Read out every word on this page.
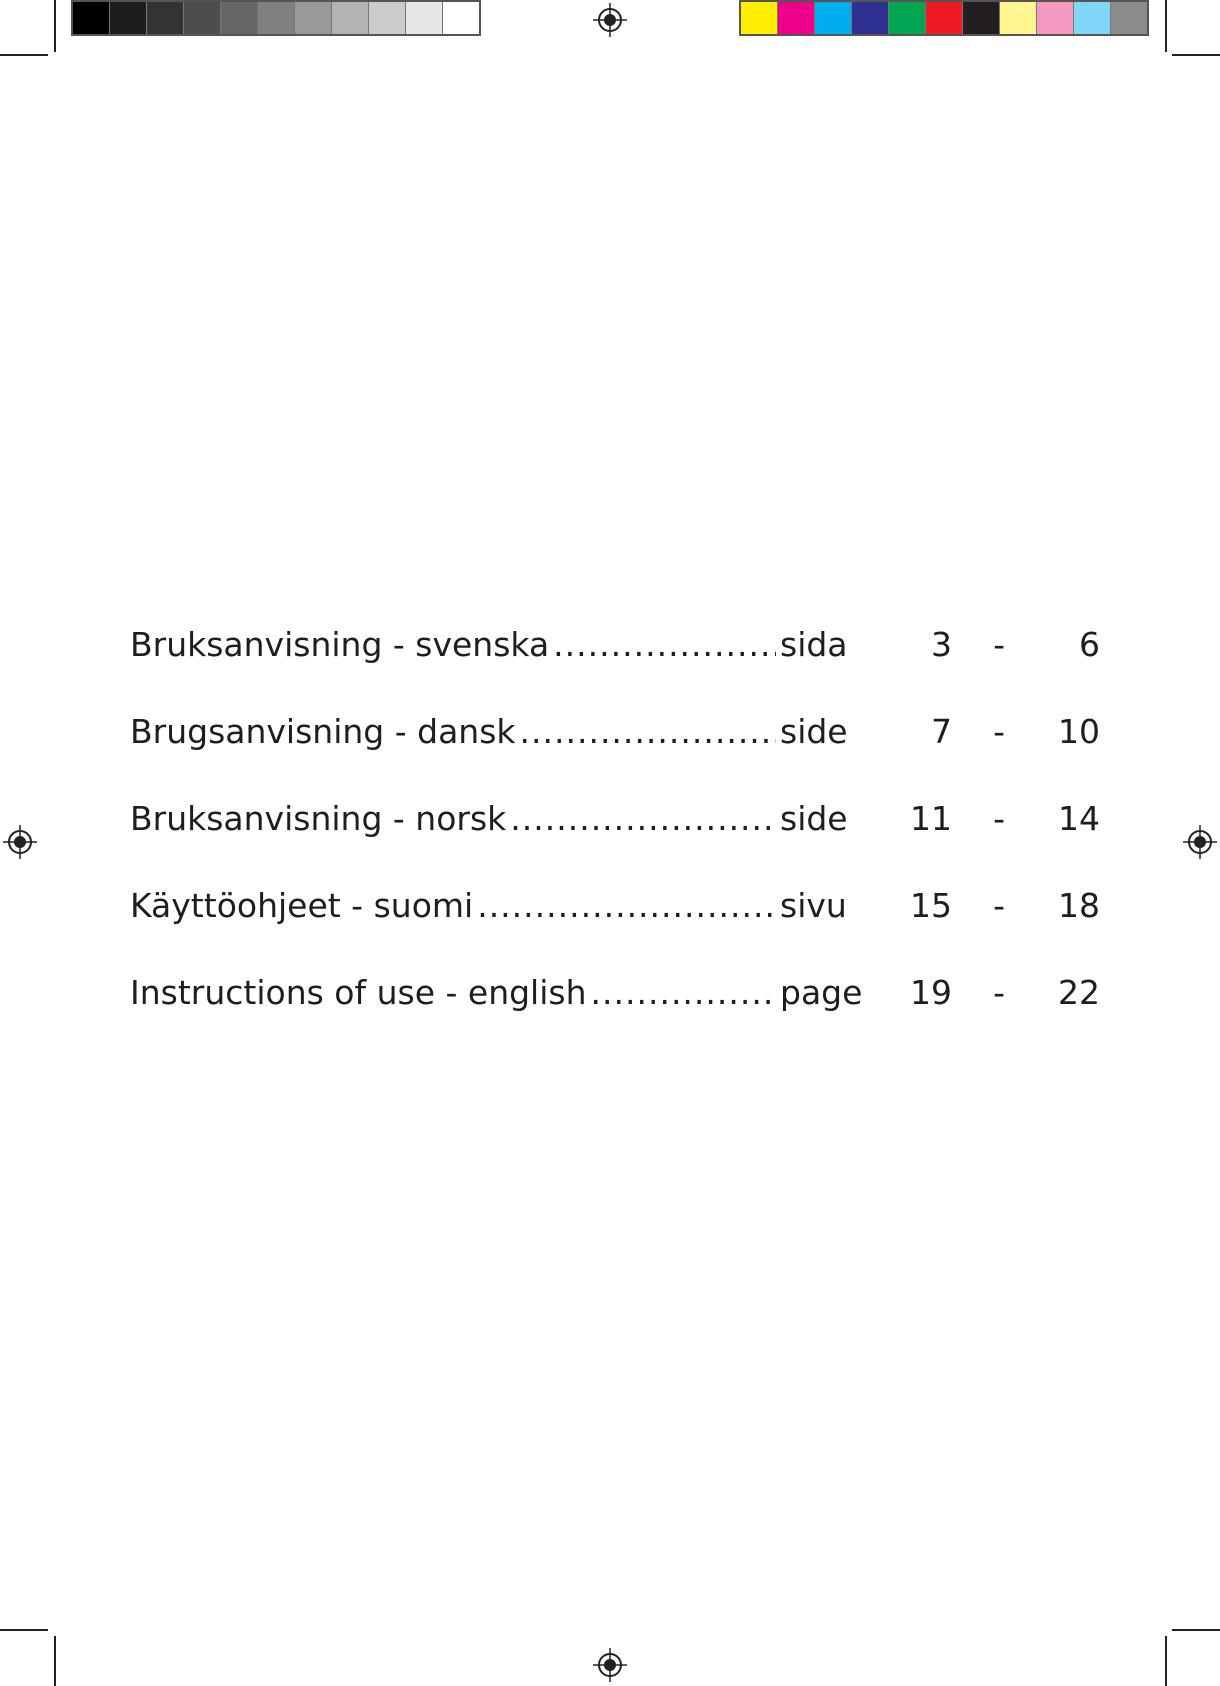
Bruksanvisning - svenska .....	sida	3 - 6
Brugsanvisning - dansk .....	side	7 - 10
Bruksanvisning - norsk .....	side	11 - 14
Käyttöohjeet - suomi .....	sivu	15 - 18
Instructions of use - english .....	page 19 - 22
